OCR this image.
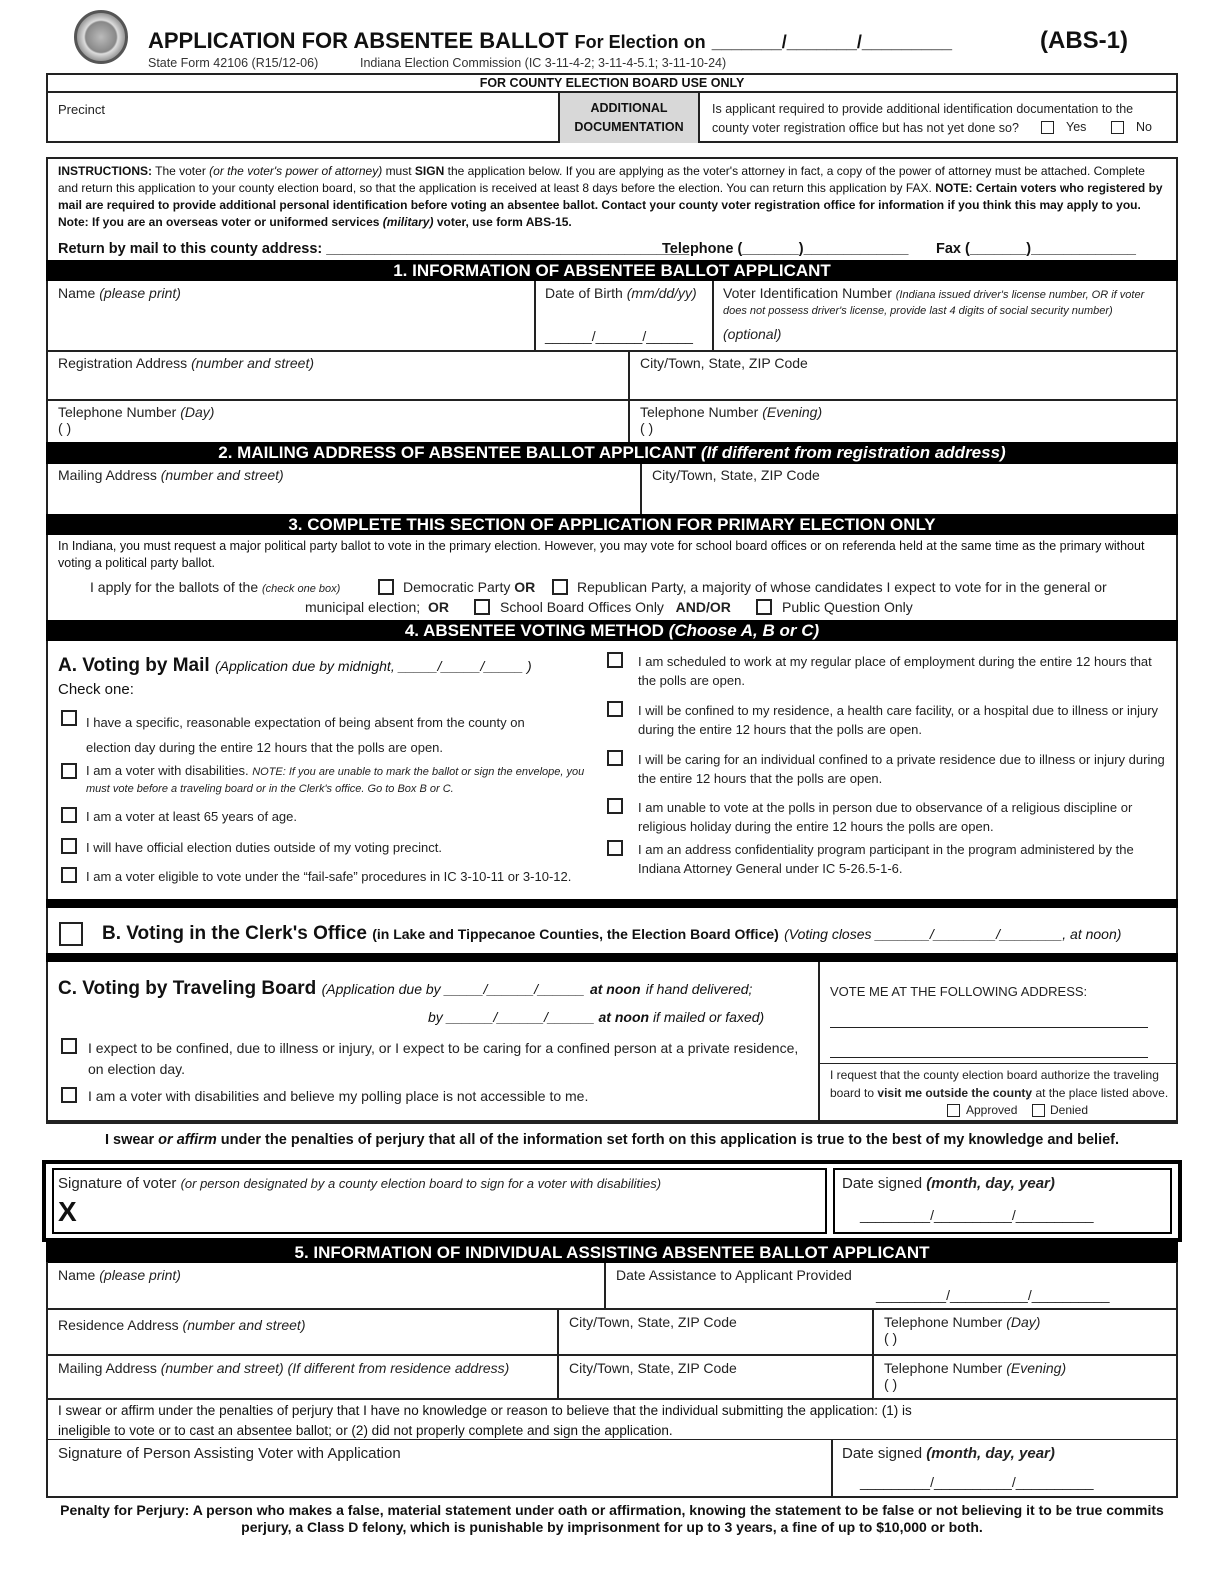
APPLICATION FOR ABSENTEE BALLOT For Election on _______/_______/_________	(ABS-1)
State Form 42106 (R15/12-06)	Indiana Election Commission (IC 3-11-4-2; 3-11-4-5.1; 3-11-10-24)
FOR COUNTY ELECTION BOARD USE ONLY
Precinct	ADDITIONAL
DOCUMENTATION
Is applicant required to provide additional identification documentation to the county voter registration office but has not yet done so?	Yes	No
INSTRUCTIONS: The voter (or the voter's power of attorney) must SIGN the application below. If you are applying as the voter's attorney in fact, a copy of the power of attorney must be attached. Complete and return this application to your county election board, so that the application is received at least 8 days before the election. You can return this application by FAX. NOTE: Certain voters who registered by mail are required to provide additional personal identification before voting an absentee ballot. Contact your county voter registration office for information if you think this may apply to you. Note: If you are an overseas voter or uniformed services (military) voter, use form ABS-15.
Return by mail to this county address: _____________________________________________
Telephone (_______)_____________ Fax (_______)_____________
1. INFORMATION OF ABSENTEE BALLOT APPLICANT
Name (please print)	Date of Birth (mm/dd/yy)
______/______/______
Voter Identification Number (Indiana issued driver's license number, OR if voter does not possess driver's license, provide last 4 digits of social security number)
(optional)
Registration Address (number and street)	City/Town, State, ZIP Code
Telephone Number (Day)
( )
Telephone Number (Evening)
( )
2. MAILING ADDRESS OF ABSENTEE BALLOT APPLICANT (If different from registration address)
Mailing Address (number and street)	City/Town, State, ZIP Code
3. COMPLETE THIS SECTION OF APPLICATION FOR PRIMARY ELECTION ONLY
In Indiana, you must request a major political party ballot to vote in the primary election. However, you may vote for school board offices or on referenda held at the same time as the primary without voting a political party ballot.
I apply for the ballots of the (check one box)	Democratic Party OR	Republican Party, a majority of whose candidates I expect to vote for in the general or
municipal election; OR	School Board Offices Only AND/OR	Public Question Only
4. ABSENTEE VOTING METHOD (Choose A, B or C)
A. Voting by Mail (Application due by midnight, _____/_____/_____ )
Check one:
I have a specific, reasonable expectation of being absent from the county on election day during the entire 12 hours that the polls are open.
I am a voter with disabilities. NOTE: If you are unable to mark the ballot or sign the envelope, you must vote before a traveling board or in the Clerk's office. Go to Box B or C.
I am a voter at least 65 years of age.
I will have official election duties outside of my voting precinct.
I am a voter eligible to vote under the “fail-safe” procedures in IC 3-10-11 or 3-10-12.
I am scheduled to work at my regular place of employment during the entire 12 hours that the polls are open.
I will be confined to my residence, a health care facility, or a hospital due to illness or injury during the entire 12 hours that the polls are open.
I will be caring for an individual confined to a private residence due to illness or injury during the entire 12 hours that the polls are open.
I am unable to vote at the polls in person due to observance of a religious discipline or religious holiday during the entire 12 hours the polls are open.
I am an address confidentiality program participant in the program administered by the Indiana Attorney General under IC 5-26.5-1-6.
B. Voting in the Clerk's Office (in Lake and Tippecanoe Counties, the Election Board Office) (Voting closes _______/________/________, at noon)
C. Voting by Traveling Board (Application due by _____/______/______ at noon if hand delivered;
by ______/______/______ at noon if mailed or faxed)
I expect to be confined, due to illness or injury, or I expect to be caring for a confined person at a private residence, on election day.
I am a voter with disabilities and believe my polling place is not accessible to me.
VOTE ME AT THE FOLLOWING ADDRESS:
I request that the county election board authorize the traveling board to visit me outside the county at the place listed above.
Approved	Denied
I swear or affirm under the penalties of perjury that all of the information set forth on this application is true to the best of my knowledge and belief.
Signature of voter (or person designated by a county election board to sign for a voter with disabilities)
X
Date signed (month, day, year)
_________/__________/__________
5. INFORMATION OF INDIVIDUAL ASSISTING ABSENTEE BALLOT APPLICANT
Name (please print)	Date Assistance to Applicant Provided
_________/__________/__________
Residence Address (number and street)	City/Town, State, ZIP Code	Telephone Number (Day)
( )
Mailing Address (number and street) (If different from residence address)	City/Town, State, ZIP Code	Telephone Number (Evening)
( )
I swear or affirm under the penalties of perjury that I have no knowledge or reason to believe that the individual submitting the application: (1) is ineligible to vote or to cast an absentee ballot; or (2) did not properly complete and sign the application.
Signature of Person Assisting Voter with Application	Date signed (month, day, year)
_________/__________/__________
Penalty for Perjury: A person who makes a false, material statement under oath or affirmation, knowing the statement to be false or not believing it to be true commits perjury, a Class D felony, which is punishable by imprisonment for up to 3 years, a fine of up to $10,000 or both.
